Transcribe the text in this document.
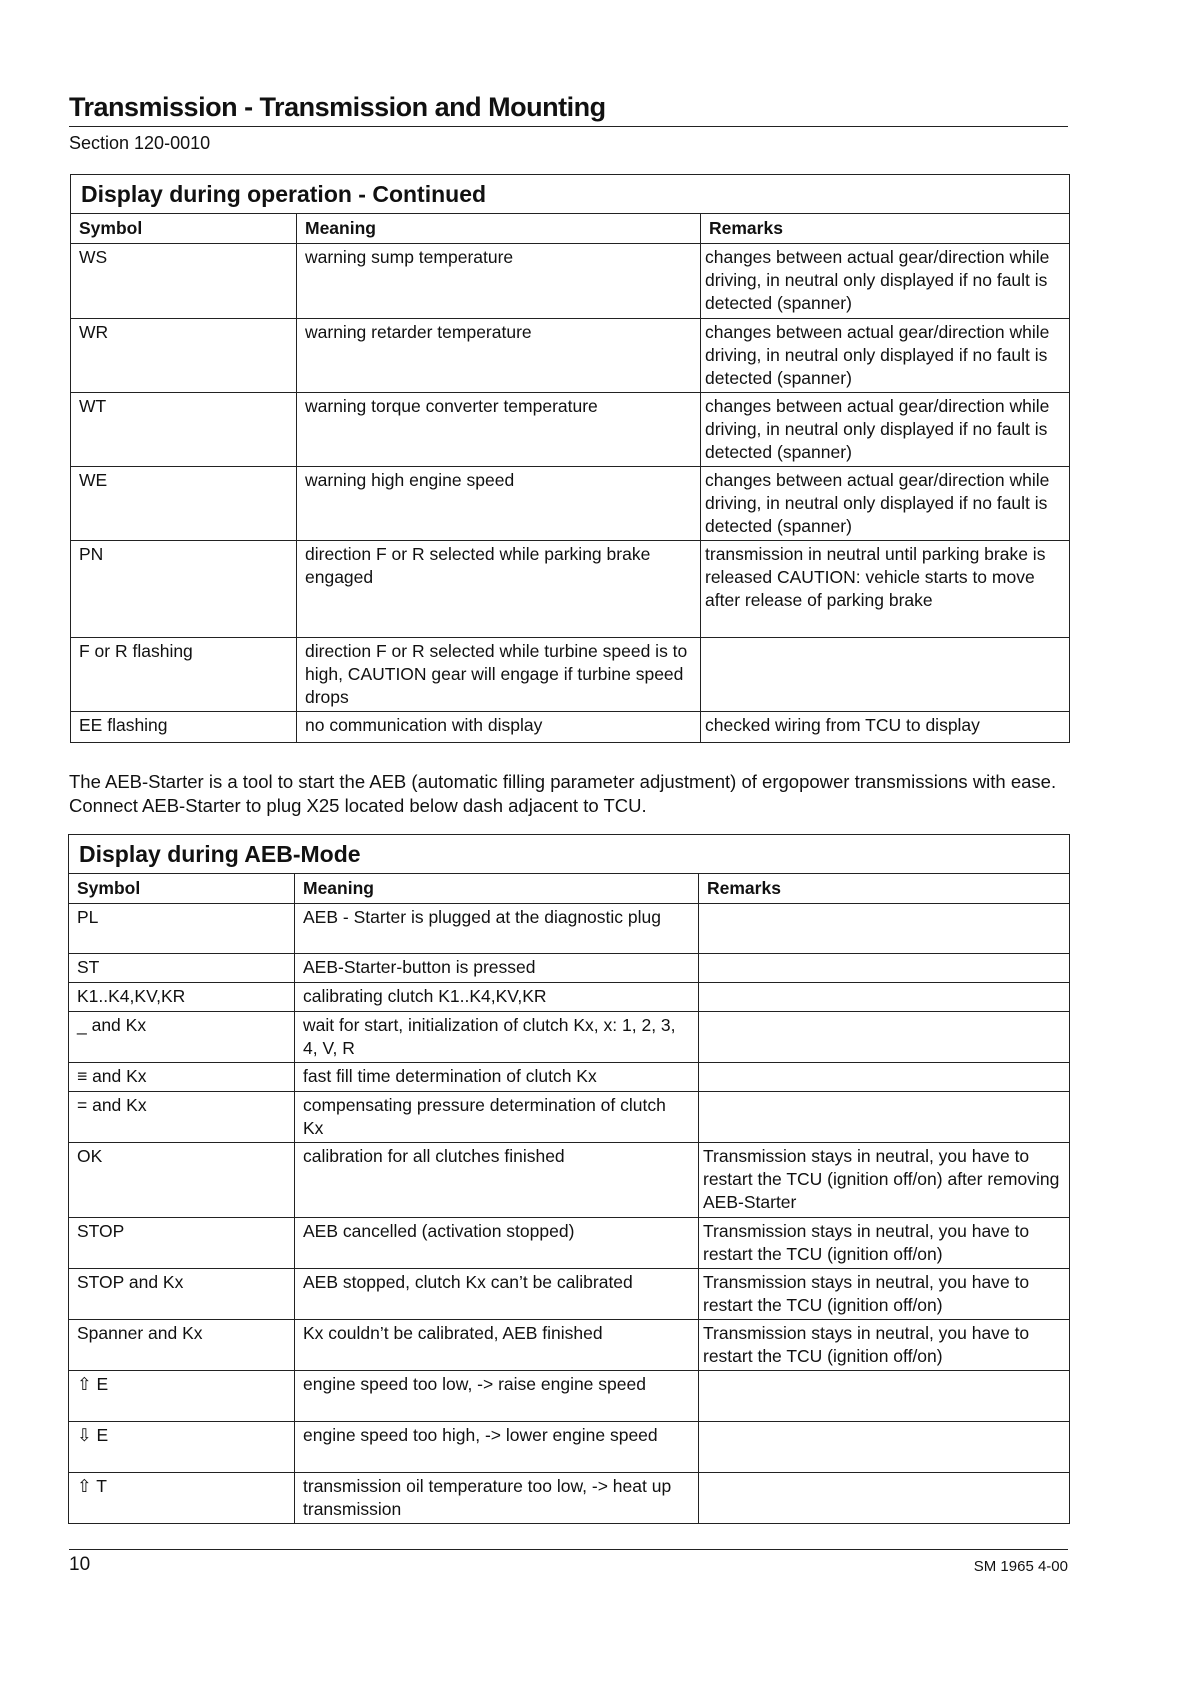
Transmission - Transmission and Mounting
Section 120-0010
Display during operation - Continued		
Symbol	Meaning	Remarks
WS	warning sump temperature	changes between actual gear/direction while driving, in neutral only displayed if no fault is detected (spanner)
WR	warning retarder temperature	changes between actual gear/direction while driving, in neutral only displayed if no fault is detected (spanner)
WT	warning torque converter temperature	changes between actual gear/direction while driving, in neutral only displayed if no fault is detected (spanner)
WE	warning high engine speed	changes between actual gear/direction while driving, in neutral only displayed if no fault is detected (spanner)
PN	direction F or R selected while parking brake engaged	transmission in neutral until parking brake is released CAUTION: vehicle starts to move after release of parking brake
F or R flashing	direction F or R selected while turbine speed is to high, CAUTION gear will engage if turbine speed drops	
EE flashing	no communication with display	checked wiring from TCU to display
The AEB-Starter is a tool to start the AEB (automatic filling parameter adjustment) of ergopower transmissions with ease. Connect AEB-Starter to plug X25 located below dash adjacent to TCU.
Display during AEB-Mode		
Symbol	Meaning	Remarks
PL	AEB - Starter is plugged at the diagnostic plug	
ST	AEB-Starter-button is pressed	
K1..K4,KV,KR	calibrating clutch K1..K4,KV,KR	
_ and Kx	wait for start, initialization of clutch Kx, x: 1, 2, 3, 4, V, R	
≡ and Kx	fast fill time determination of clutch Kx	
= and Kx	compensating pressure determination of clutch Kx	
OK	calibration for all clutches finished	Transmission stays in neutral, you have to restart the TCU (ignition off/on) after removing AEB-Starter
STOP	AEB cancelled (activation stopped)	Transmission stays in neutral, you have to restart the TCU (ignition off/on)
STOP and Kx	AEB stopped, clutch Kx can’t be calibrated	Transmission stays in neutral, you have to restart the TCU (ignition off/on)
Spanner and Kx	Kx couldn’t be calibrated, AEB finished	Transmission stays in neutral, you have to restart the TCU (ignition off/on)
⇧ E	engine speed too low, -> raise engine speed	
⇩ E	engine speed too high, -> lower engine speed	
⇧ T	transmission oil temperature too low, -> heat up transmission	
10	SM 1965 4-00
